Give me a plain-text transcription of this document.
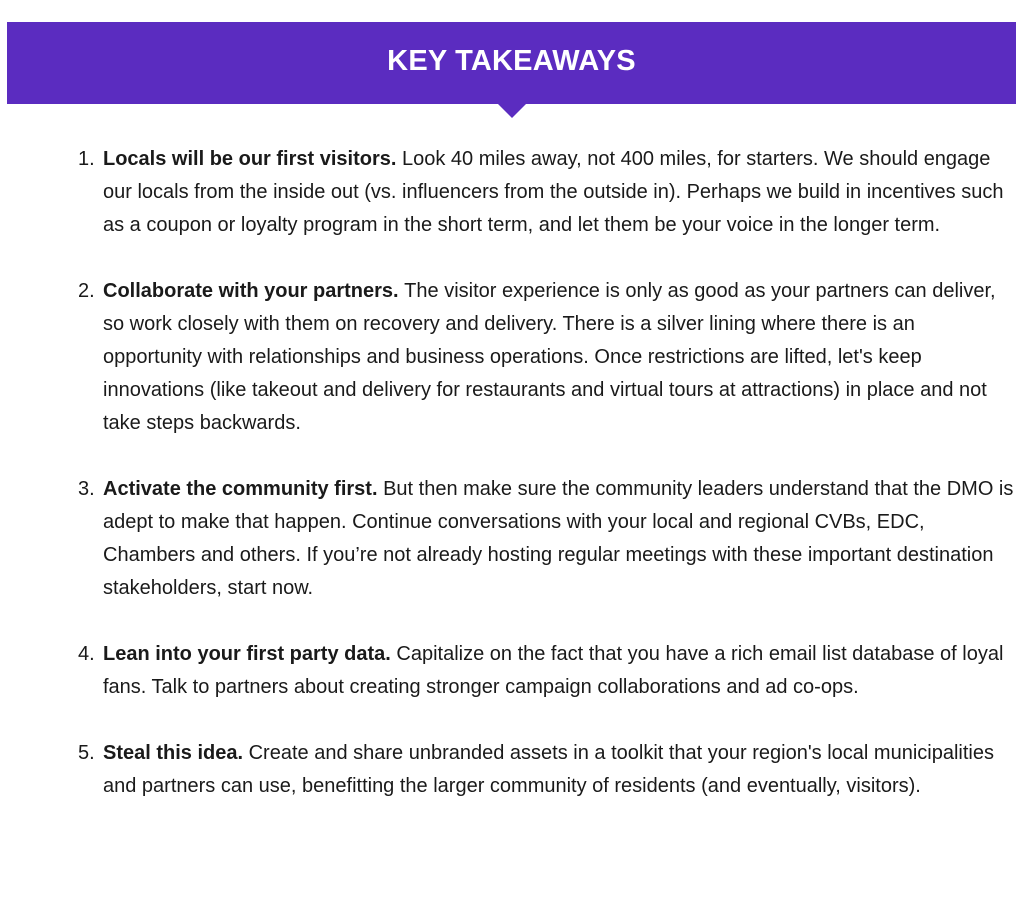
KEY TAKEAWAYS
1. Locals will be our first visitors. Look 40 miles away, not 400 miles, for starters. We should engage our locals from the inside out (vs. influencers from the outside in). Perhaps we build in incentives such as a coupon or loyalty program in the short term, and let them be your voice in the longer term.
2. Collaborate with your partners. The visitor experience is only as good as your partners can deliver, so work closely with them on recovery and delivery. There is a silver lining where there is an opportunity with relationships and business operations. Once restrictions are lifted, let's keep innovations (like takeout and delivery for restaurants and virtual tours at attractions) in place and not take steps backwards.
3. Activate the community first. But then make sure the community leaders understand that the DMO is adept to make that happen. Continue conversations with your local and regional CVBs, EDC, Chambers and others. If you’re not already hosting regular meetings with these important destination stakeholders, start now.
4. Lean into your first party data. Capitalize on the fact that you have a rich email list database of loyal fans. Talk to partners about creating stronger campaign collaborations and ad co-ops.
5. Steal this idea. Create and share unbranded assets in a toolkit that your region's local municipalities and partners can use, benefitting the larger community of residents (and eventually, visitors).
